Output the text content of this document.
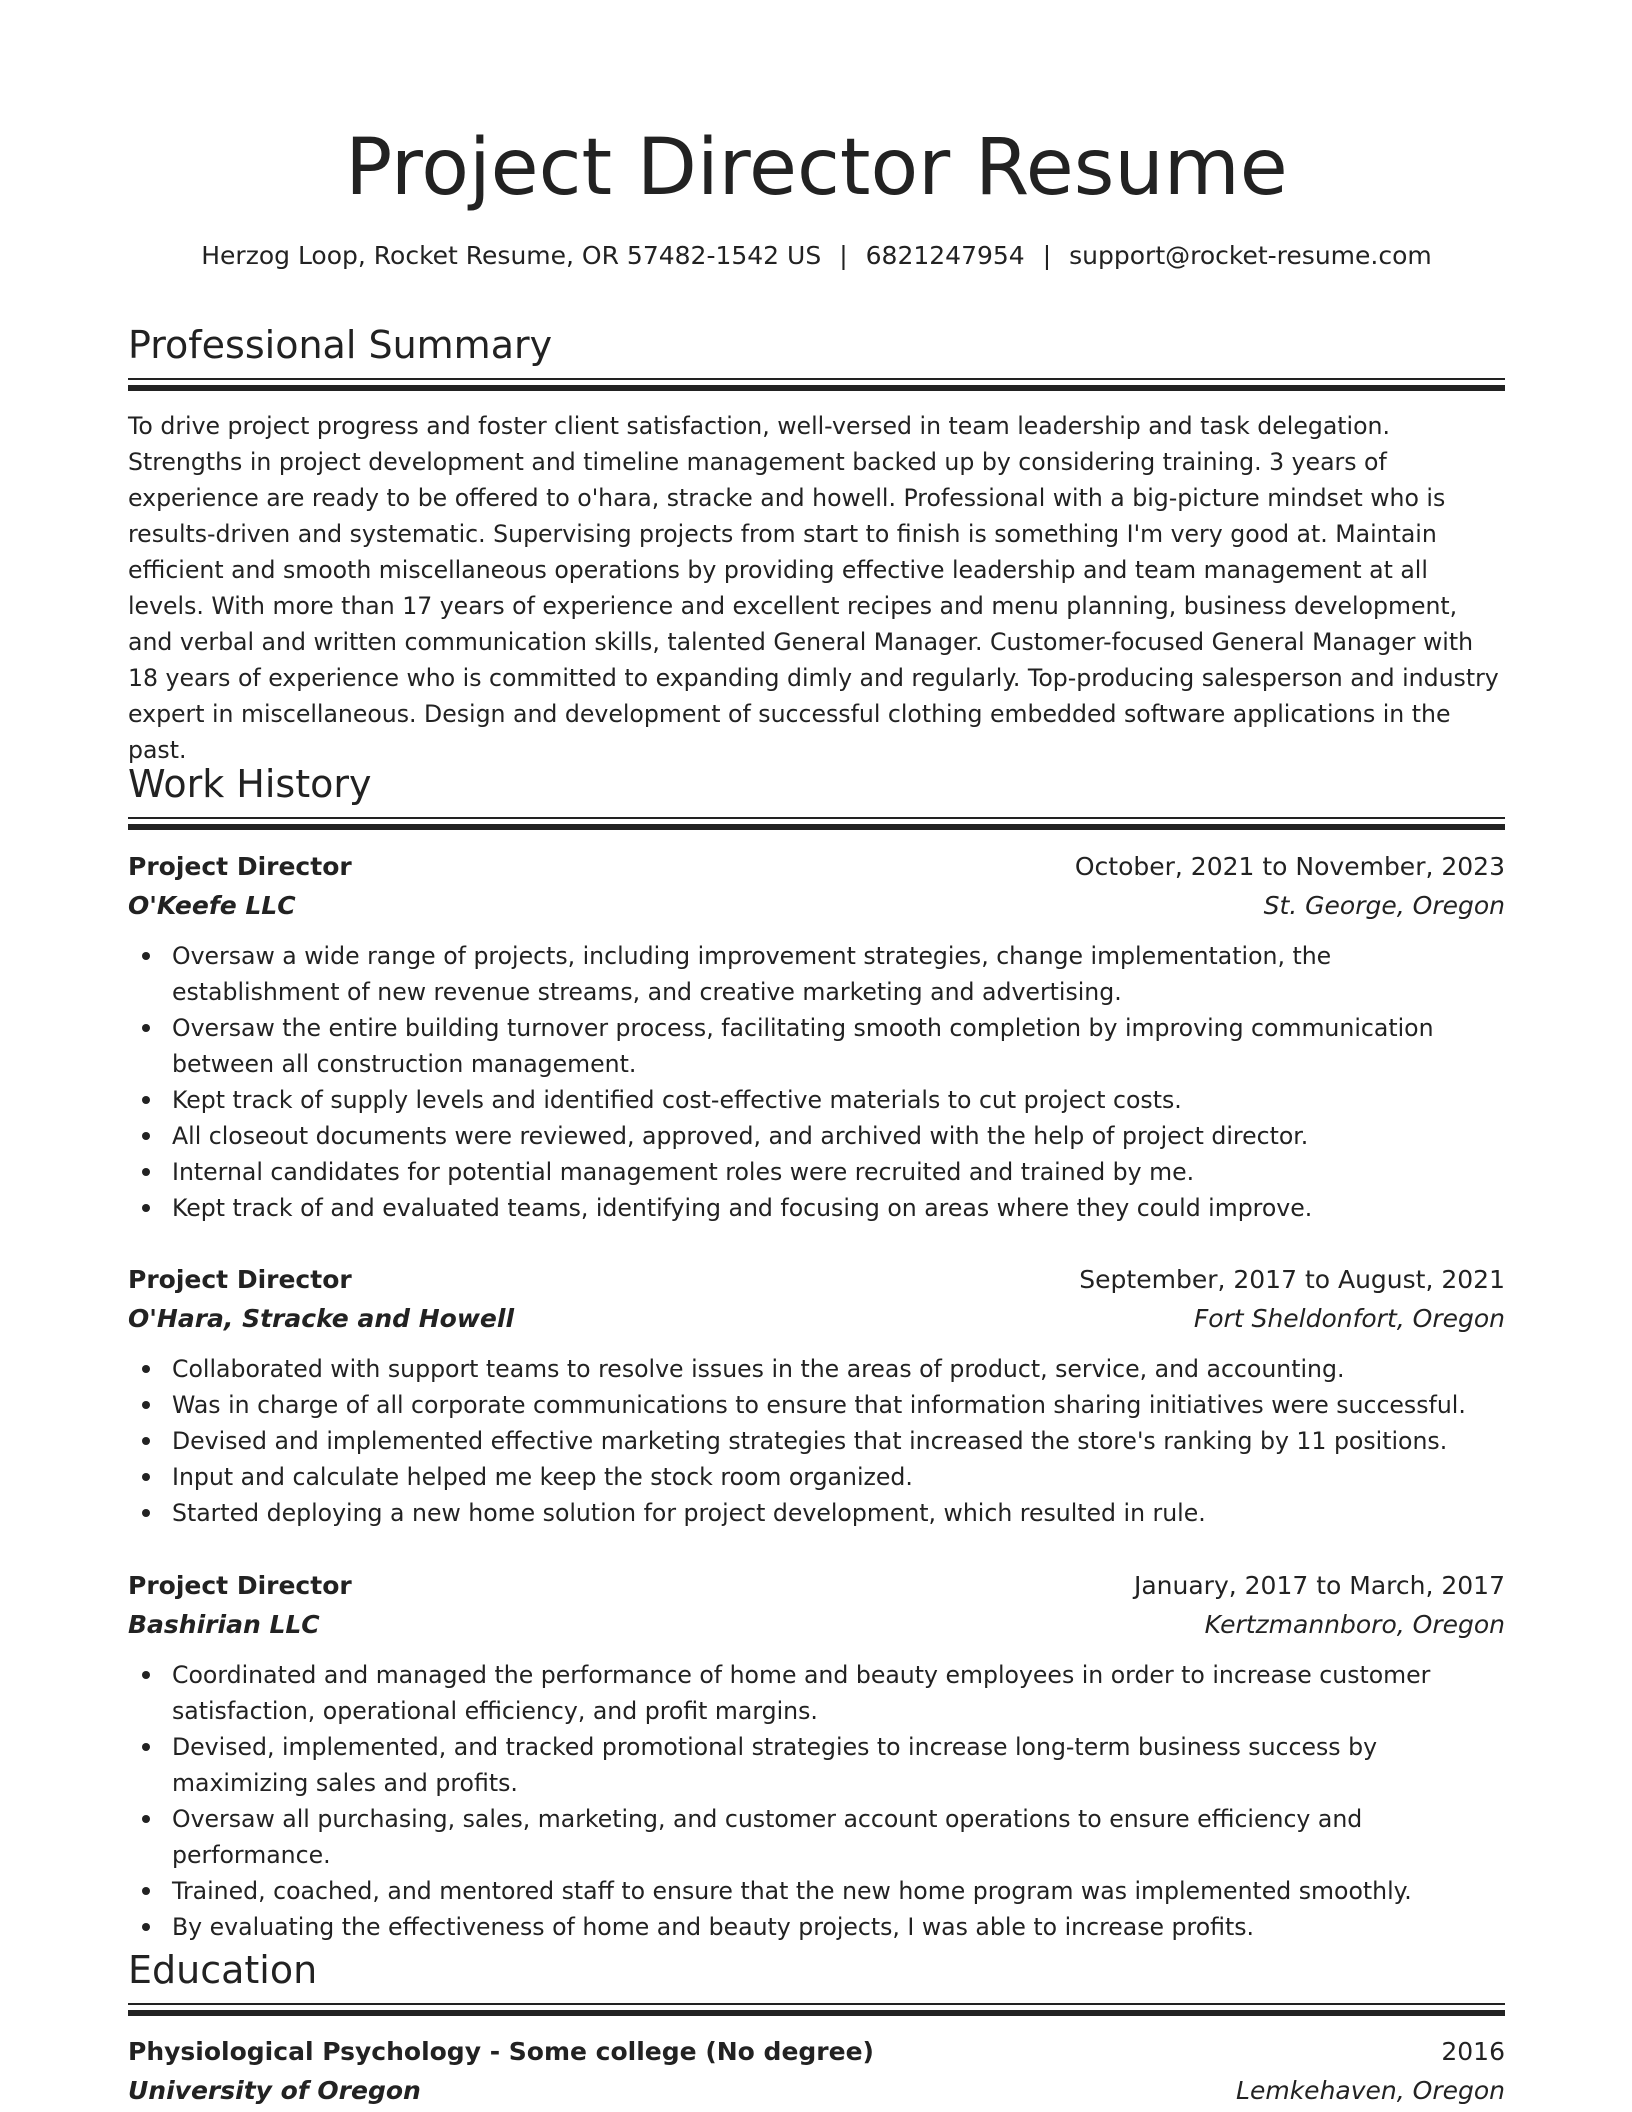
Project Director Resume
Herzog Loop, Rocket Resume, OR 57482-1542 US | 6821247954 | support@rocket-resume.com
Professional Summary

To drive project progress and foster client satisfaction, well-versed in team leadership and task delegation. Strengths in project development and timeline management backed up by considering training. 3 years of experience are ready to be offered to o'hara, stracke and howell. Professional with a big-picture mindset who is results-driven and systematic. Supervising projects from start to finish is something I'm very good at. Maintain efficient and smooth miscellaneous operations by providing effective leadership and team management at all levels. With more than 17 years of experience and excellent recipes and menu planning, business development, and verbal and written communication skills, talented General Manager. Customer-focused General Manager with 18 years of experience who is committed to expanding dimly and regularly. Top-producing salesperson and industry expert in miscellaneous. Design and development of successful clothing embedded software applications in the past.

Work History
Project Director	October, 2021 to November, 2023
O'Keefe LLC	St. George, Oregon
Oversaw a wide range of projects, including improvement strategies, change implementation, the establishment of new revenue streams, and creative marketing and advertising.
Oversaw the entire building turnover process, facilitating smooth completion by improving communication between all construction management.
Kept track of supply levels and identified cost-effective materials to cut project costs.
All closeout documents were reviewed, approved, and archived with the help of project director.
Internal candidates for potential management roles were recruited and trained by me.
Kept track of and evaluated teams, identifying and focusing on areas where they could improve.
Project Director	September, 2017 to August, 2021
O'Hara, Stracke and Howell	Fort Sheldonfort, Oregon
Collaborated with support teams to resolve issues in the areas of product, service, and accounting.
Was in charge of all corporate communications to ensure that information sharing initiatives were successful.
Devised and implemented effective marketing strategies that increased the store's ranking by 11 positions.
Input and calculate helped me keep the stock room organized.
Started deploying a new home solution for project development, which resulted in rule.
Project Director	January, 2017 to March, 2017
Bashirian LLC	Kertzmannboro, Oregon
Coordinated and managed the performance of home and beauty employees in order to increase customer satisfaction, operational efficiency, and profit margins.
Devised, implemented, and tracked promotional strategies to increase long-term business success by maximizing sales and profits.
Oversaw all purchasing, sales, marketing, and customer account operations to ensure efficiency and performance.
Trained, coached, and mentored staff to ensure that the new home program was implemented smoothly.
By evaluating the effectiveness of home and beauty projects, I was able to increase profits.
Education
Physiological Psychology - Some college (No degree)	2016
University of Oregon	Lemkehaven, Oregon
